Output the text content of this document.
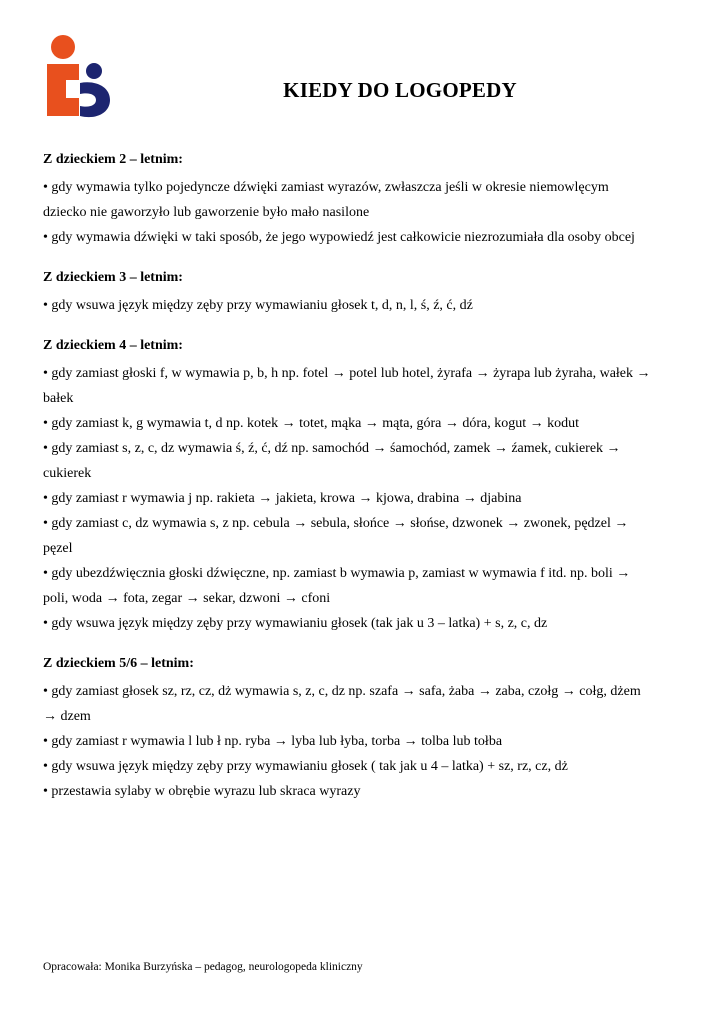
KIEDY DO LOGOPEDY
Z dzieckiem 2 – letnim:
• gdy wymawia tylko pojedyncze dźwięki zamiast wyrazów, zwłaszcza jeśli w okresie niemowlęcym
dziecko nie gaworzyło lub gaworzenie było mało nasilone
• gdy wymawia dźwięki w taki sposób, że jego wypowiedź jest całkowicie niezrozumiała dla osoby obcej
Z dzieckiem 3 – letnim:
• gdy wsuwa język między zęby przy wymawianiu głosek t, d, n, l, ś, ź, ć, dź
Z dzieckiem 4 – letnim:
• gdy zamiast głoski f, w wymawia p, b, h np. fotel → potel lub hotel, żyrafa → żyrapa lub żyraha, wałek →
bałek
• gdy zamiast k, g wymawia t, d np. kotek → totet, mąka → mąta, góra → dóra, kogut → kodut
• gdy zamiast s, z, c, dz wymawia ś, ź, ć, dź np. samochód → śamochód, zamek → źamek, cukierek →
cukierek
• gdy zamiast r wymawia j np. rakieta → jakieta, krowa → kjowa, drabina → djabina
• gdy zamiast c, dz wymawia s, z np. cebula → sebula, słońce → słońse, dzwonek → zwonek, pędzel →
pęzel
• gdy ubezdźwięcznia głoski dźwięczne, np. zamiast b wymawia p, zamiast w wymawia f itd. np. boli →
poli, woda → fota, zegar → sekar, dzwoni → cfoni
• gdy wsuwa język między zęby przy wymawianiu głosek (tak jak u 3 – latka) + s, z, c, dz
Z dzieckiem 5/6 – letnim:
• gdy zamiast głosek sz, rz, cz, dż wymawia s, z, c, dz np. szafa → safa, żaba → zaba, czołg → cołg, dżem
→ dzem
• gdy zamiast r wymawia l lub ł np. ryba → lyba lub łyba, torba → tolba lub tołba
• gdy wsuwa język między zęby przy wymawianiu głosek ( tak jak u 4 – latka) + sz, rz, cz, dż
• przestawia sylaby w obrębie wyrazu lub skraca wyrazy
Opracowała: Monika Burzyńska – pedagog, neurologopeda kliniczny
